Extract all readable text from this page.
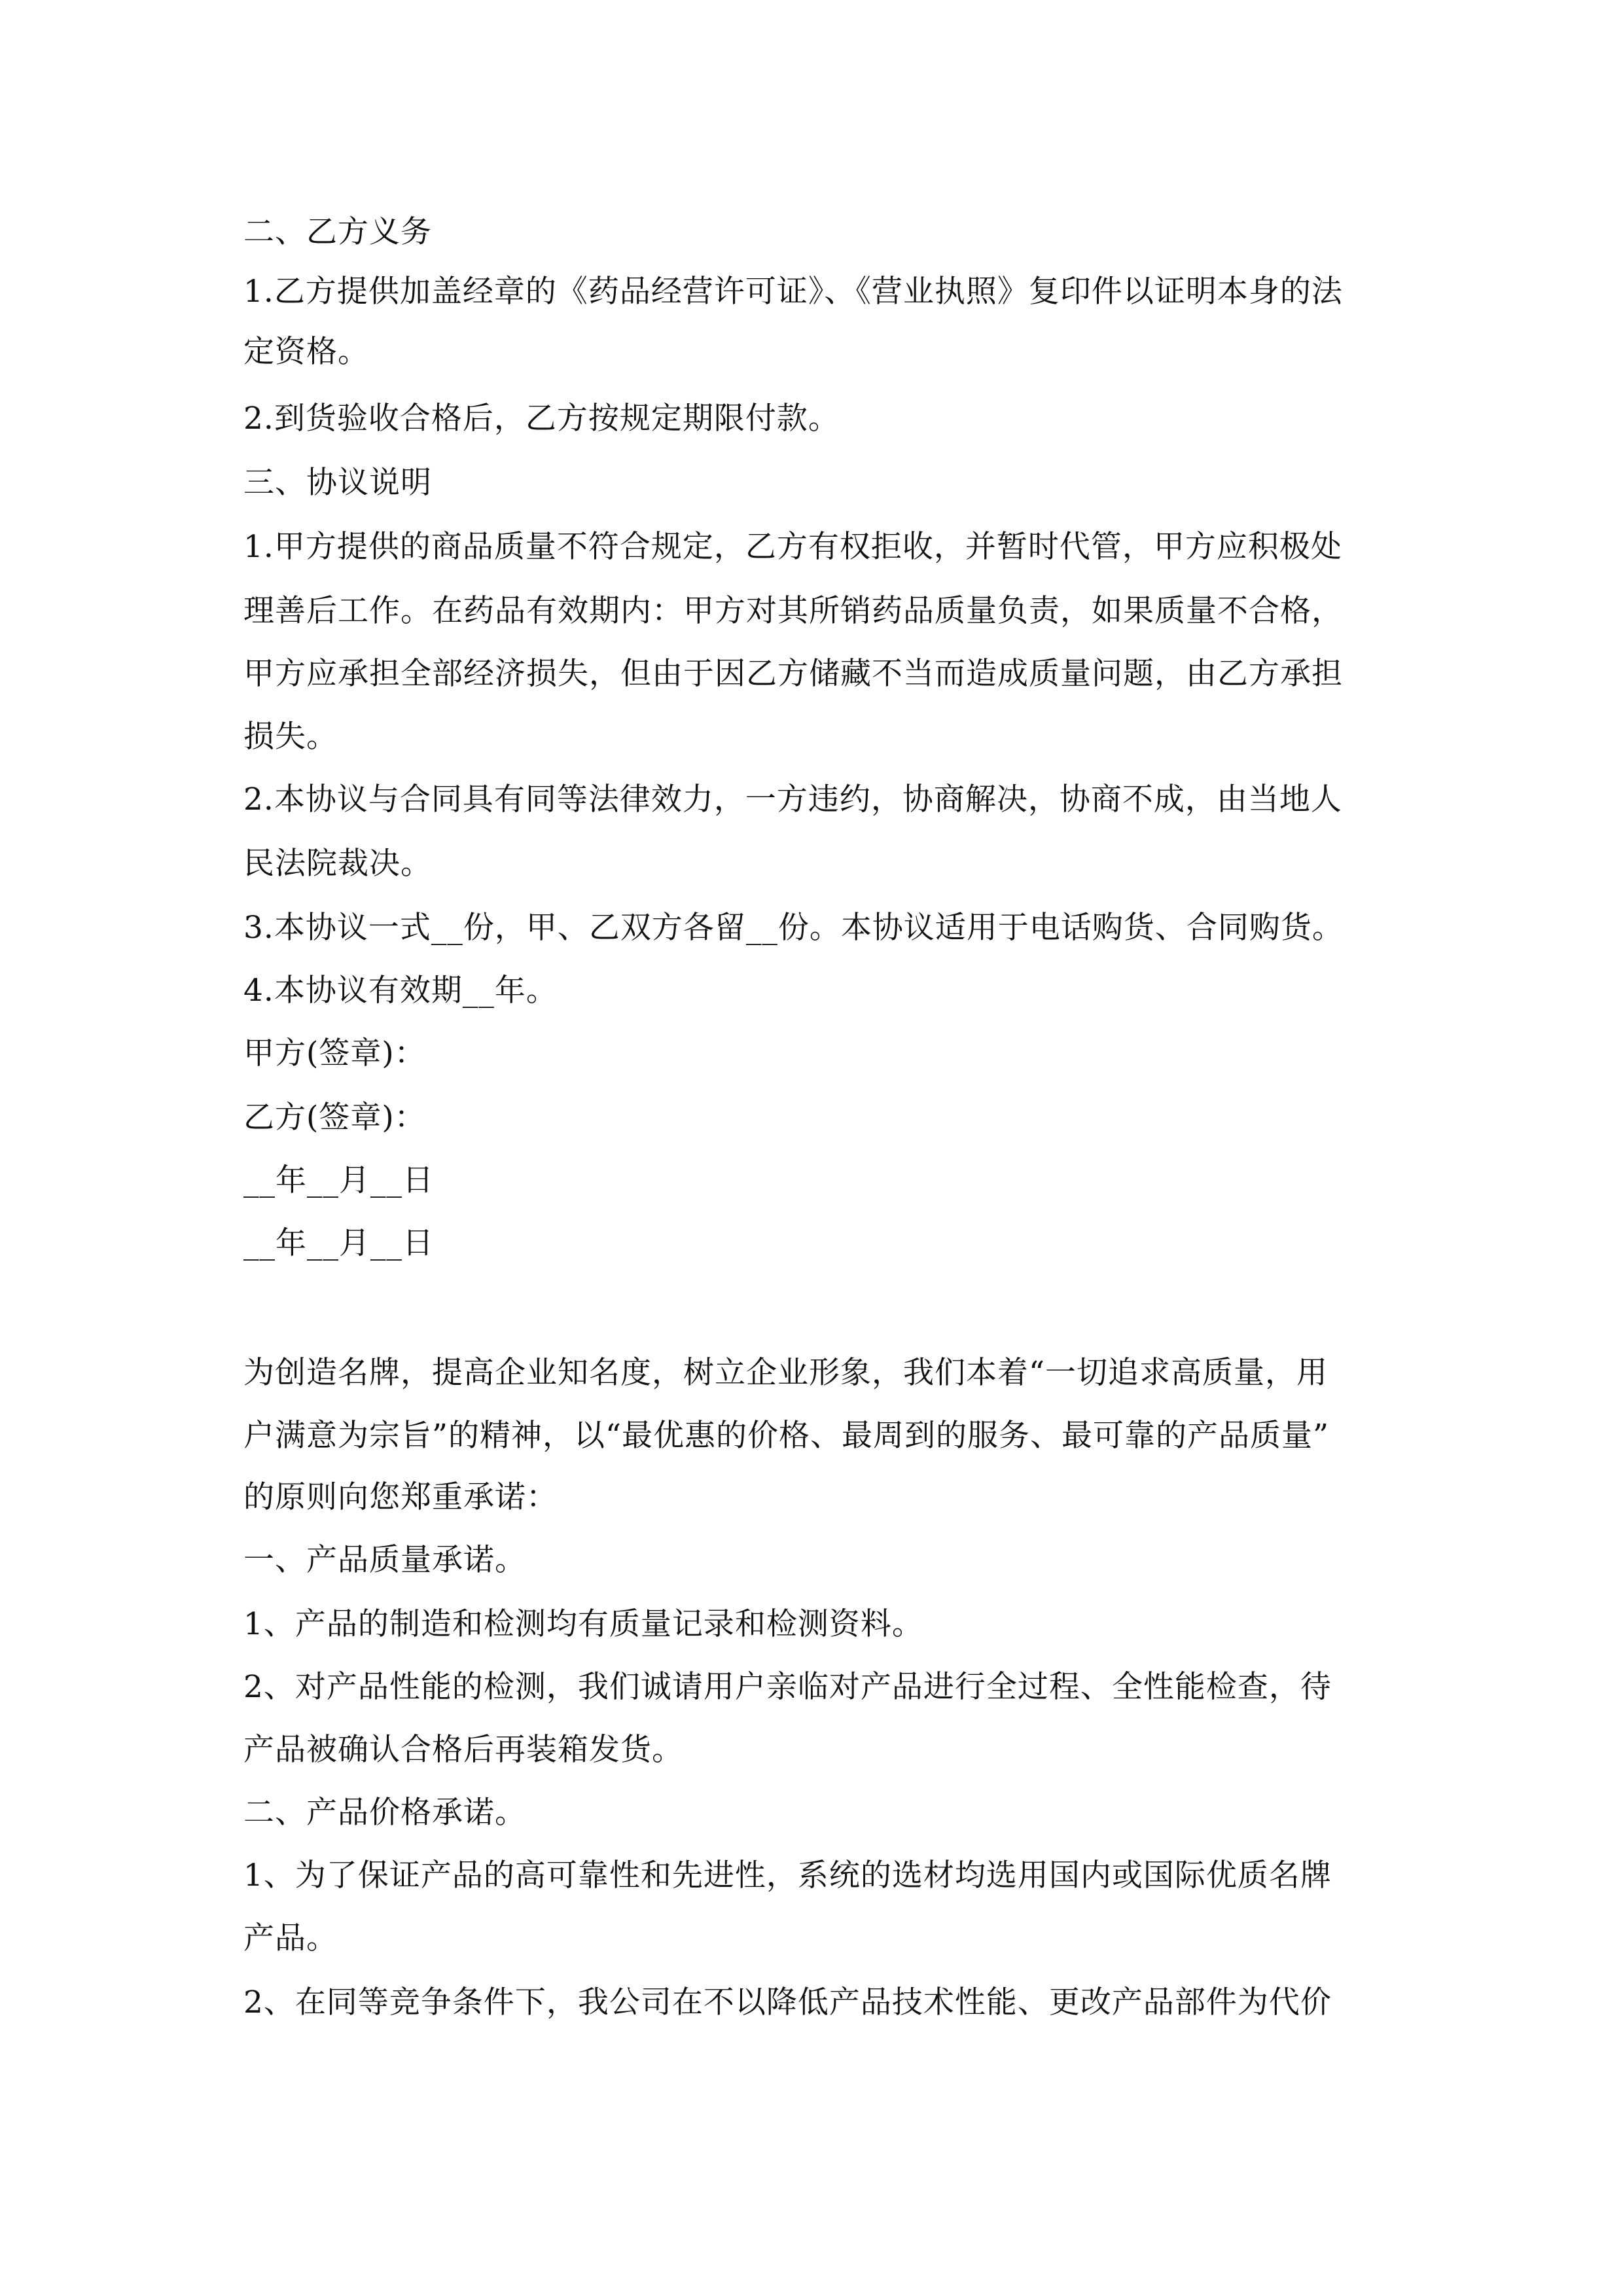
二、乙方义务
1.乙方提供加盖经章的《药品经营许可证》、《营业执照》复印件以证明本身的法
定资格。
2.到货验收合格后，乙方按规定期限付款。
三、协议说明
1.甲方提供的商品质量不符合规定，乙方有权拒收，并暂时代管，甲方应积极处
理善后工作。在药品有效期内：甲方对其所销药品质量负责，如果质量不合格，
甲方应承担全部经济损失，但由于因乙方储藏不当而造成质量问题，由乙方承担
损失。
2.本协议与合同具有同等法律效力，一方违约，协商解决，协商不成，由当地人
民法院裁决。
3.本协议一式__份，甲、乙双方各留__份。本协议适用于电话购货、合同购货。
4.本协议有效期__年。
甲方(签章)：
乙方(签章)：
__年__月__日
__年__月__日
为创造名牌，提高企业知名度，树立企业形象，我们本着“一切追求高质量，用
户满意为宗旨”的精神，以“最优惠的价格、最周到的服务、最可靠的产品质量”
的原则向您郑重承诺：
一、产品质量承诺。
1、产品的制造和检测均有质量记录和检测资料。
2、对产品性能的检测，我们诚请用户亲临对产品进行全过程、全性能检查，待
产品被确认合格后再装箱发货。
二、产品价格承诺。
1、为了保证产品的高可靠性和先进性，系统的选材均选用国内或国际优质名牌
产品。
2、在同等竞争条件下，我公司在不以降低产品技术性能、更改产品部件为代价
